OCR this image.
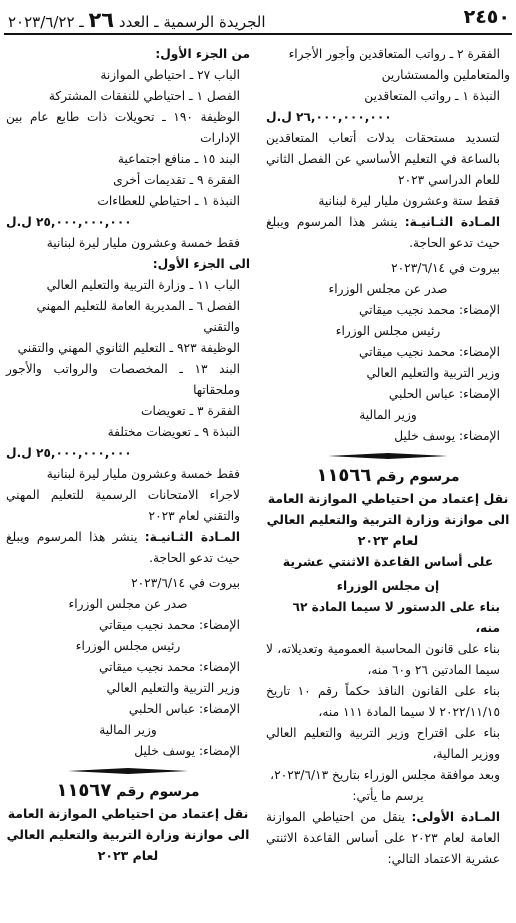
٢٤٥٠
الجريدة الرسمية ـ العدد ٢٦ ـ ٢٠٢٣/٦/٢٢

الفقرة ٢ ـ رواتب المتعاقدين وأجور الأجراء

والمتعاملين والمستشارين

النبذة ١ ـ رواتب المتعاقدين

٢٦,٠٠٠,٠٠٠,٠٠٠ ل.ل

لتسديد مستحقات بدلات أتعاب المتعاقدين بالساعة في التعليم الأساسي عن الفصل الثاني للعام الدراسي ٢٠٢٣

فقط ستة وعشرون مليار ليرة لبنانية

المـادة الثـانيـة: ينشر هذا المرسوم ويبلغ حيث تدعو الحاجة.

بيروت في ٢٠٢٣/٦/١٤

صدر عن مجلس الوزراء

الإمضاء: محمد نجيب ميقاتي

رئيس مجلس الوزراء

الإمضاء: محمد نجيب ميقاتي

وزير التربية والتعليم العالي

الإمضاء: عباس الحلبي

وزير المالية

الإمضاء: يوسف خليل

مرسوم رقم ١١٥٦٦
نقل إعتماد من احتياطي الموازنة العامة
الى موازنة وزارة التربية والتعليم العالي لعام ٢٠٢٣
على أساس القاعدة الاثنتي عشرية

إن مجلس الوزراء

بناء على الدستور لا سيما المادة ٦٢ منه،

بناء على قانون المحاسبة العمومية وتعديلاته، لا سيما المادتين ٢٦ و٦٠ منه،

بناء على القانون النافذ حكماً رقم ١٠ تاريخ ٢٠٢٢/١١/١٥ لا سيما المادة ١١١ منه،

بناء على اقتراح وزير التربية والتعليم العالي ووزير المالية،

وبعد موافقة مجلس الوزراء بتاريخ ٢٠٢٣/٦/١٣،

يرسم ما يأتي:

المـادة الأولى: ينقل من احتياطي الموازنة العامة لعام ٢٠٢٣ على أساس القاعدة الاثنتي عشرية الاعتماد التالي:

من الجزء الأول:

الباب ٢٧ ـ احتياطي الموازنة

الفصل ١ ـ احتياطي للنفقات المشتركة

الوظيفة ١٩٠ ـ تحويلات ذات طابع عام بين الإدارات

البند ١٥ ـ منافع اجتماعية

الفقرة ٩ ـ تقديمات أخرى

النبذة ١ ـ احتياطي للعطاءات

٢٥,٠٠٠,٠٠٠,٠٠٠ ل.ل

فقط خمسة وعشرون مليار ليرة لبنانية

الى الجزء الأول:

الباب ١١ ـ وزارة التربية والتعليم العالي

الفصل ٦ ـ المديرية العامة للتعليم المهني والتقني

الوظيفة ٩٢٣ ـ التعليم الثانوي المهني والتقني

البند ١٣ ـ المخصصات والرواتب والأجور وملحقاتها

الفقرة ٣ ـ تعويضات

النبذة ٩ ـ تعويضات مختلفة

٢٥,٠٠٠,٠٠٠,٠٠٠ ل.ل

فقط خمسة وعشرون مليار ليرة لبنانية

لاجراء الامتحانات الرسمية للتعليم المهني والتقني لعام ٢٠٢٣

المـادة الثـانيـة: ينشر هذا المرسوم ويبلغ حيث تدعو الحاجة.

بيروت في ٢٠٢٣/٦/١٤

صدر عن مجلس الوزراء

الإمضاء: محمد نجيب ميقاتي

رئيس مجلس الوزراء

الإمضاء: محمد نجيب ميقاتي

وزير التربية والتعليم العالي

الإمضاء: عباس الحلبي

وزير المالية

الإمضاء: يوسف خليل

مرسوم رقم ١١٥٦٧
نقل إعتماد من احتياطي الموازنة العامة
الى موازنة وزارة التربية والتعليم العالي لعام ٢٠٢٣
